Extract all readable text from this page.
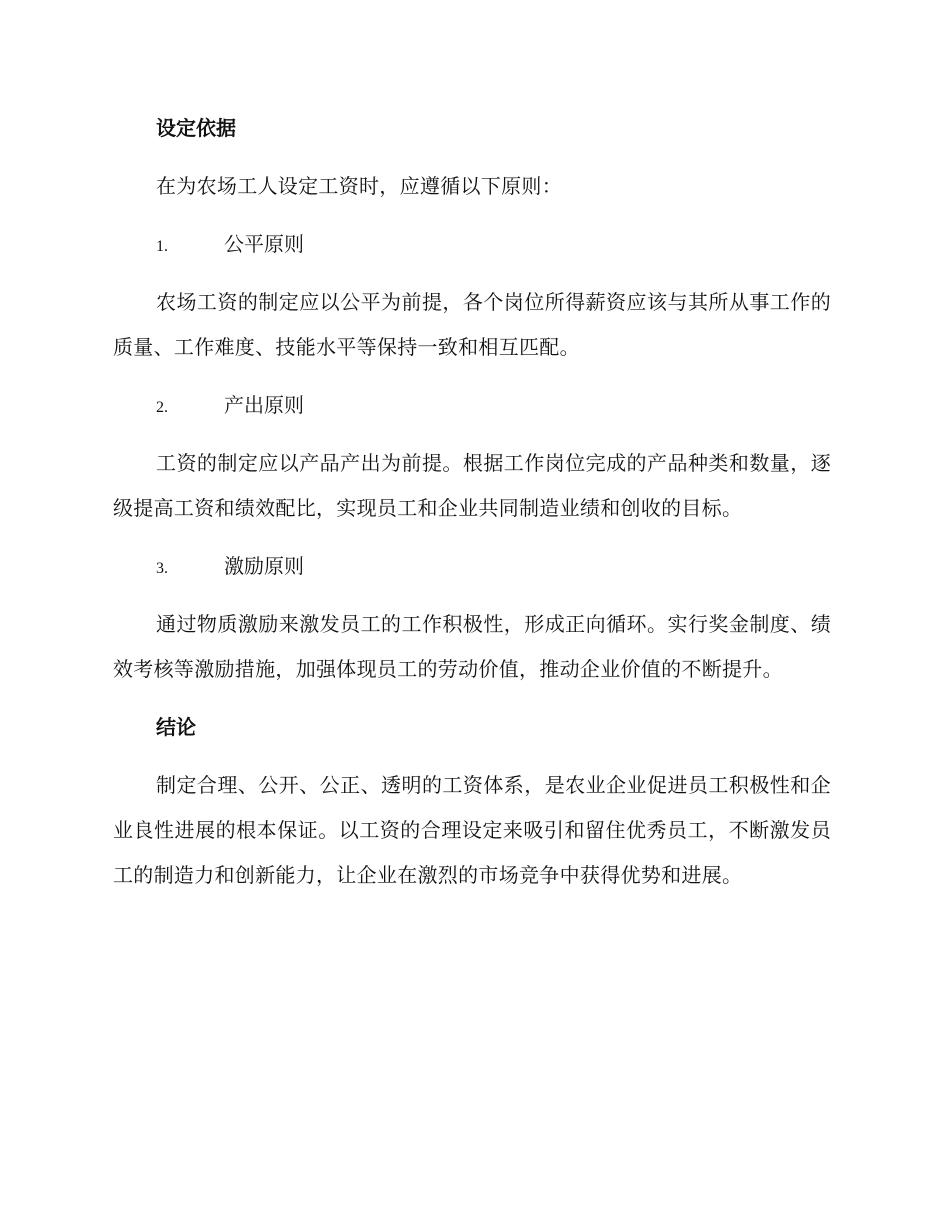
设定依据

在为农场工人设定工资时，应遵循以下原则：

1.	公平原则

农场工资的制定应以公平为前提，各个岗位所得薪资应该与其所从事工作的质量、工作难度、技能水平等保持一致和相互匹配。

2.	产出原则

工资的制定应以产品产出为前提。根据工作岗位完成的产品种类和数量，逐级提高工资和绩效配比，实现员工和企业共同制造业绩和创收的目标。

3.	激励原则

通过物质激励来激发员工的工作积极性，形成正向循环。实行奖金制度、绩效考核等激励措施，加强体现员工的劳动价值，推动企业价值的不断提升。

结论

制定合理、公开、公正、透明的工资体系，是农业企业促进员工积极性和企业良性进展的根本保证。以工资的合理设定来吸引和留住优秀员工，不断激发员工的制造力和创新能力，让企业在激烈的市场竞争中获得优势和进展。
